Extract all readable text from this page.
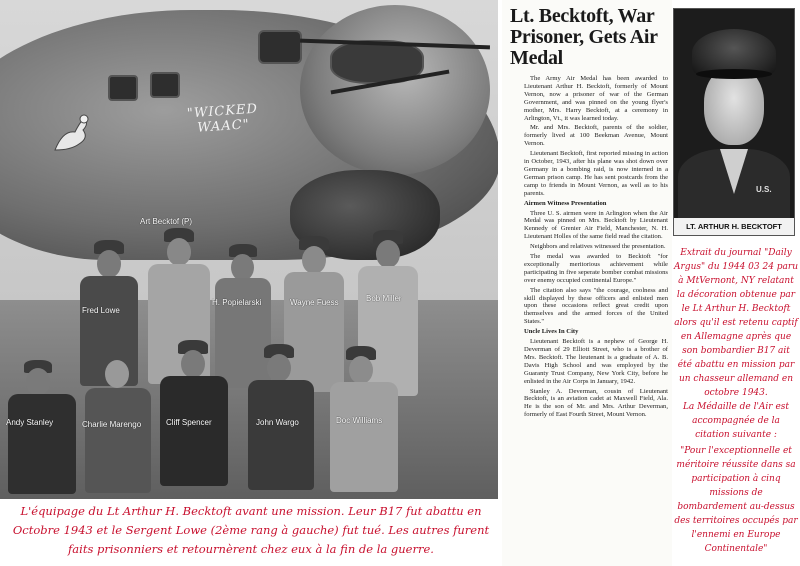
"WICKED
WAAC"
Art Becktof (P)
Fred Lowe
H. Popielarski	Wayne Fuess	Bob Miller
Andy Stanley	Charlie Marengo	Cliff Spencer	John Wargo	Doc Williams
L'équipage du Lt Arthur H. Becktoft avant une mission. Leur B17 fut abattu en Octobre 1943 et le Sergent Lowe (2ème rang à gauche) fut tué. Les autres furent faits prisonniers et retournèrent chez eux à la fin de la guerre.
Lt. Becktoft, War Prisoner, Gets Air Medal

The Army Air Medal has been awarded to Lieutenant Arthur H. Becktoft, formerly of Mount Vernon, now a prisoner of war of the German Government, and was pinned on the young flyer's mother, Mrs. Harry Becktoft, at a ceremony in Arlington, Vt., it was learned today.

Mr. and Mrs. Becktoft, parents of the soldier, formerly lived at 100 Beekman Avenue, Mount Vernon.

Lieutenant Becktoft, first reported missing in action in October, 1943, after his plane was shot down over Germany in a bombing raid, is now interned in a German prison camp. He has sent postcards from the camp to friends in Mount Vernon, as well as to his parents.

Airmen Witness Presentation

Three U. S. airmen were in Arlington when the Air Medal was pinned on Mrs. Becktoft by Lieutenant Kennedy of Grenier Air Field, Manchester, N. H. Lieutenant Holles of the same field read the citation.

Neighbors and relatives witnessed the presentation.

The medal was awarded to Becktoft "for exceptionally meritorious achievement while participating in five seperate bomber combat missions over enemy occupied continental Europe."

The citation also says "the courage, coolness and skill displayed by these officers and enlisted men upon these occasions reflect great credit upon themselves and the armed forces of the United States."

Uncle Lives In City

Lieutenant Becktoft is a nephew of George H. Deverman of 29 Elliott Street, who is a brother of Mrs. Becktoft. The lieutenant is a graduate of A. B. Davis High School and was employed by the Guaranty Trust Company, New York City, before he enlisted in the Air Corps in January, 1942.

Stanley A. Deverman, cousin of Lieutenant Becktoft, is an aviation cadet at Maxwell Field, Ala. He is the son of Mr. and Mrs. Arthur Deverman, formerly of East Fourth Street, Mount Vernon.

U.S.
LT. ARTHUR H. BECKTOFT
Extrait du journal "Daily Argus" du 1944 03 24 paru à MtVernont, NY relatant la décoration obtenue par le Lt Arthur H. Becktoft alors qu'il est retenu captif en Allemagne après que son bombardier B17 ait été abattu en mission par un chasseur allemand en octobre 1943.
La Médaille de l'Air est accompagnée de la citation suivante :
"Pour l'exceptionnelle et méritoire réussite dans sa participation à cinq missions de bombardement au-dessus des territoires occupés par l'ennemi en Europe Continentale"
